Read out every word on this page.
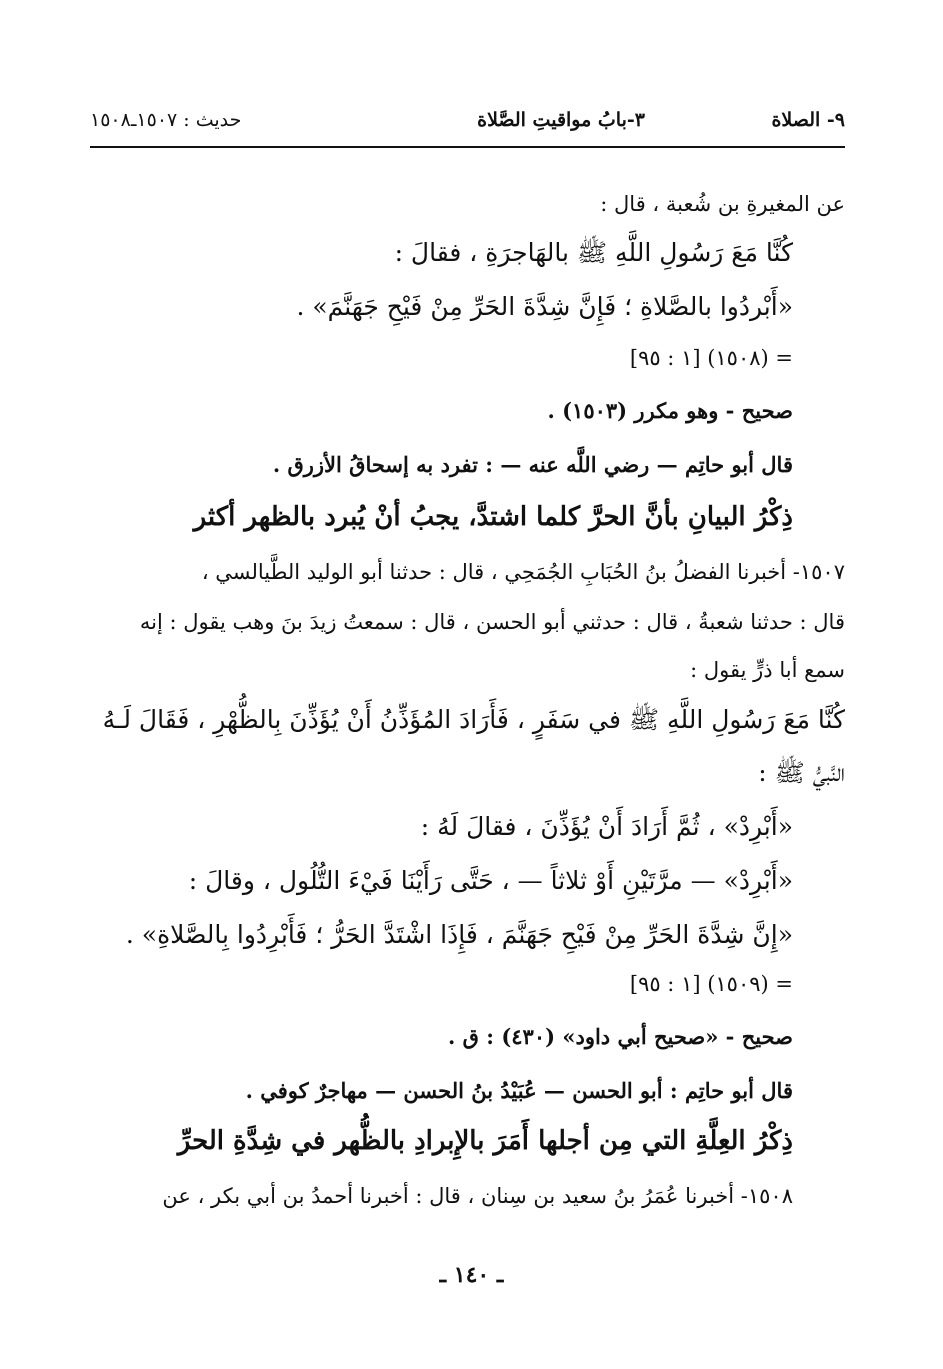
٩- الصلاة
٣-بابُ مواقيتِ الصَّلاة
حديث : ١٥٠٧ـ١٥٠٨
عن المغيرةِ بن شُعبة ، قال :
كُنَّا مَعَ رَسُولِ اللَّهِ ﷺ بالهَاجرَةِ ، فقالَ :
«أَبْردُوا بالصَّلاةِ ؛ فَإِنَّ شِدَّةَ الحَرِّ مِنْ فَيْحِ جَهَنَّمَ» .
= (١٥٠٨) [١ : ٩٥]
صحيح - وهو مكرر (١٥٠٣) .
قال أبو حاتِم — رضي اللَّه عنه — : تفرد به إسحاقُ الأزرق .
ذِكْرُ البيانِ بأنَّ الحرَّ كلما اشتدَّ، يجبُ أنْ يُبرد بالظهر أكثر
١٥٠٧- أخبرنا الفضلُ بنُ الحُبَابِ الجُمَحِي ، قال : حدثنا أبو الوليد الطَّيالسي ،
قال : حدثنا شعبةُ ، قال : حدثني أبو الحسن ، قال : سمعتُ زيدَ بنَ وهب يقول : إنه
سمع أبا ذرٍّ يقول :
كُنَّا مَعَ رَسُولِ اللَّهِ ﷺ في سَفَرٍ ، فَأَرَادَ المُؤَذِّنُ أَنْ يُؤَذِّنَ بِالظُّهْرِ ، فَقَالَ لَـهُ
النَّبيُّ ﷺ :
«أَبْرِدْ» ، ثُمَّ أَرَادَ أَنْ يُؤَذِّنَ ، فقالَ لَهُ :
«أَبْرِدْ» — مرَّتَيْنِ أَوْ ثلاثاً — ، حَتَّى رَأَيْنَا فَيْءَ التُّلُول ، وقالَ :
«إِنَّ شِدَّةَ الحَرِّ مِنْ فَيْحِ جَهَنَّمَ ، فَإِذَا اشْتَدَّ الحَرُّ ؛ فَأَبْرِدُوا بِالصَّلاةِ» .
= (١٥٠٩) [١ : ٩٥]
صحيح - «صحيح أبي داود» (٤٣٠) : ق .
قال أبو حاتِم : أبو الحسن — عُبَيْدُ بنُ الحسن — مهاجرٌ كوفي .
ذِكْرُ العِلَّةِ التي مِن أجلها أَمَرَ بالإِبرادِ بالظُّهر في شِدَّةِ الحرِّ
١٥٠٨- أخبرنا عُمَرُ بنُ سعيد بن سِنان ، قال : أخبرنا أحمدُ بن أبي بكر ، عن
ـ ١٤٠ ـ
